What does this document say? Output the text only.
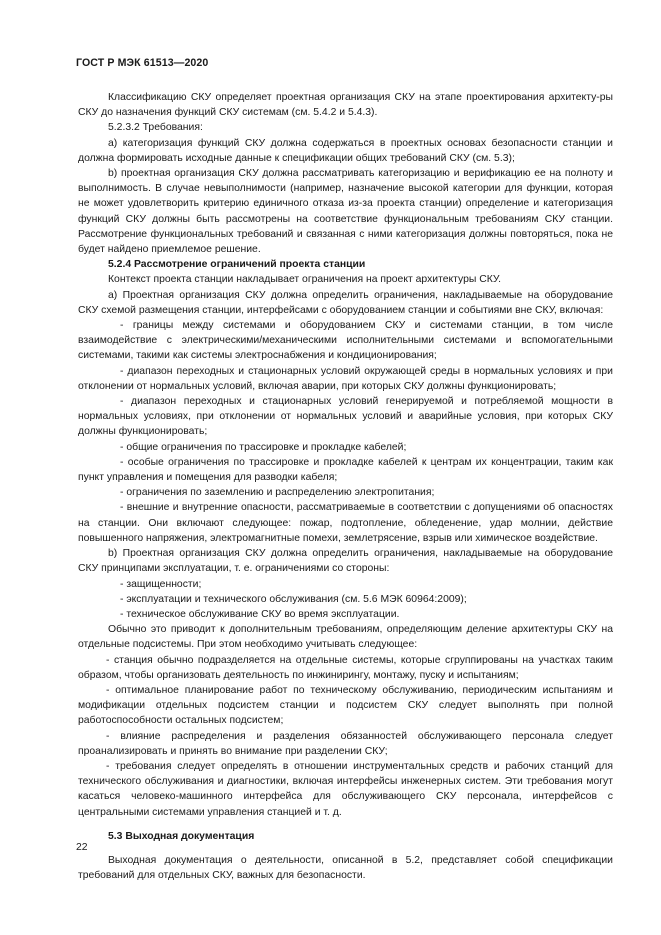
ГОСТ Р МЭК 61513—2020

Классификацию СКУ определяет проектная организация СКУ на этапе проектирования архитекту-ры СКУ до назначения функций СКУ системам (см. 5.4.2 и 5.4.3).

5.2.3.2 Требования:

a) категоризация функций СКУ должна содержаться в проектных основах безопасности станции и должна формировать исходные данные к спецификации общих требований СКУ (см. 5.3);

b) проектная организация СКУ должна рассматривать категоризацию и верификацию ее на полноту и выполнимость. В случае невыполнимости (например, назначение высокой категории для функции, которая не может удовлетворить критерию единичного отказа из-за проекта станции) определение и категоризация функций СКУ должны быть рассмотрены на соответствие функциональным требованиям СКУ станции. Рассмотрение функциональных требований и связанная с ними категоризация должны повторяться, пока не будет найдено приемлемое решение.

5.2.4 Рассмотрение ограничений проекта станции

Контекст проекта станции накладывает ограничения на проект архитектуры СКУ.

a) Проектная организация СКУ должна определить ограничения, накладываемые на оборудование СКУ схемой размещения станции, интерфейсами с оборудованием станции и событиями вне СКУ, включая:

- границы между системами и оборудованием СКУ и системами станции, в том числе взаимодействие с электрическими/механическими исполнительными системами и вспомогательными системами, такими как системы электроснабжения и кондиционирования;

- диапазон переходных и стационарных условий окружающей среды в нормальных условиях и при отклонении от нормальных условий, включая аварии, при которых СКУ должны функционировать;

- диапазон переходных и стационарных условий генерируемой и потребляемой мощности в нормальных условиях, при отклонении от нормальных условий и аварийные условия, при которых СКУ должны функционировать;

- общие ограничения по трассировке и прокладке кабелей;

- особые ограничения по трассировке и прокладке кабелей к центрам их концентрации, таким как пункт управления и помещения для разводки кабеля;

- ограничения по заземлению и распределению электропитания;

- внешние и внутренние опасности, рассматриваемые в соответствии с допущениями об опасностях на станции. Они включают следующее: пожар, подтопление, обледенение, удар молнии, действие повышенного напряжения, электромагнитные помехи, землетрясение, взрыв или химическое воздействие.

b) Проектная организация СКУ должна определить ограничения, накладываемые на оборудование СКУ принципами эксплуатации, т. е. ограничениями со стороны:

- защищенности;

- эксплуатации и технического обслуживания (см. 5.6 МЭК 60964:2009);

- техническое обслуживание СКУ во время эксплуатации.

Обычно это приводит к дополнительным требованиям, определяющим деление архитектуры СКУ на отдельные подсистемы. При этом необходимо учитывать следующее:

- станция обычно подразделяется на отдельные системы, которые сгруппированы на участках таким образом, чтобы организовать деятельность по инжинирингу, монтажу, пуску и испытаниям;

- оптимальное планирование работ по техническому обслуживанию, периодическим испытаниям и модификации отдельных подсистем станции и подсистем СКУ следует выполнять при полной работоспособности остальных подсистем;

- влияние распределения и разделения обязанностей обслуживающего персонала следует проанализировать и принять во внимание при разделении СКУ;

- требования следует определять в отношении инструментальных средств и рабочих станций для технического обслуживания и диагностики, включая интерфейсы инженерных систем. Эти требования могут касаться человеко-машинного интерфейса для обслуживающего СКУ персонала, интерфейсов с центральными системами управления станцией и т. д.

5.3 Выходная документация

Выходная документация о деятельности, описанной в 5.2, представляет собой спецификации требований для отдельных СКУ, важных для безопасности.

22
